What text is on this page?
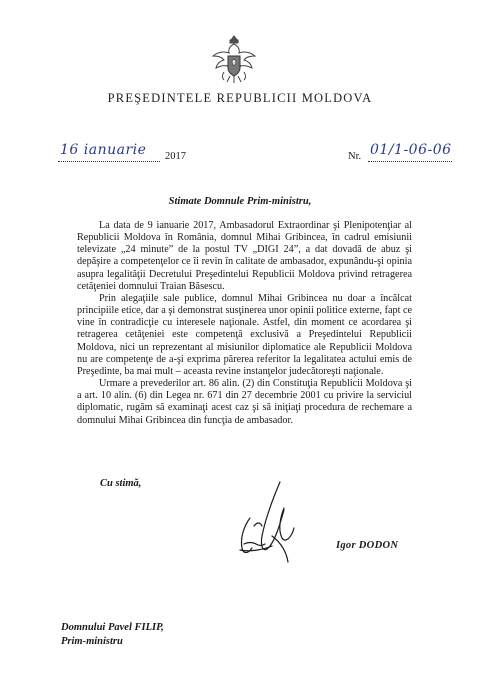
PREŞEDINTELE REPUBLICII MOLDOVA
16 ianuarie 2017	Nr. 01/1-06-06
Stimate Domnule Prim-ministru,

La data de 9 ianuarie 2017, Ambasadorul Extraordinar şi Plenipotenţiar al Republicii Moldova în România, domnul Mihai Gribincea, în cadrul emisiunii televizate „24 minute” de la postul TV „DIGI 24”, a dat dovadă de abuz şi depăşire a competenţelor ce îi revin în calitate de ambasador, expunându-şi opinia asupra legalităţii Decretului Preşedintelui Republicii Moldova privind retragerea cetăţeniei domnului Traian Băsescu.

Prin alegaţiile sale publice, domnul Mihai Gribincea nu doar a încălcat principiile etice, dar a şi demonstrat susţinerea unor opinii politice externe, fapt ce vine în contradicţie cu interesele naţionale. Astfel, din moment ce acordarea şi retragerea cetăţeniei este competenţă exclusivă a Preşedintelui Republicii Moldova, nici un reprezentant al misiunilor diplomatice ale Republicii Moldova nu are competenţe de a-şi exprima părerea referitor la legalitatea actului emis de Preşedinte, ba mai mult – aceasta revine instanţelor judecătoreşti naţionale.

Urmare a prevederilor art. 86 alin. (2) din Constituţia Republicii Moldova şi a art. 10 alin. (6) din Legea nr. 671 din 27 decembrie 2001 cu privire la serviciul diplomatic, rugăm să examinaţi acest caz şi să iniţiaţi procedura de rechemare a domnului Mihai Gribincea din funcţia de ambasador.

Cu stimă,
Igor DODON
Domnului Pavel FILIP,
Prim-ministru
